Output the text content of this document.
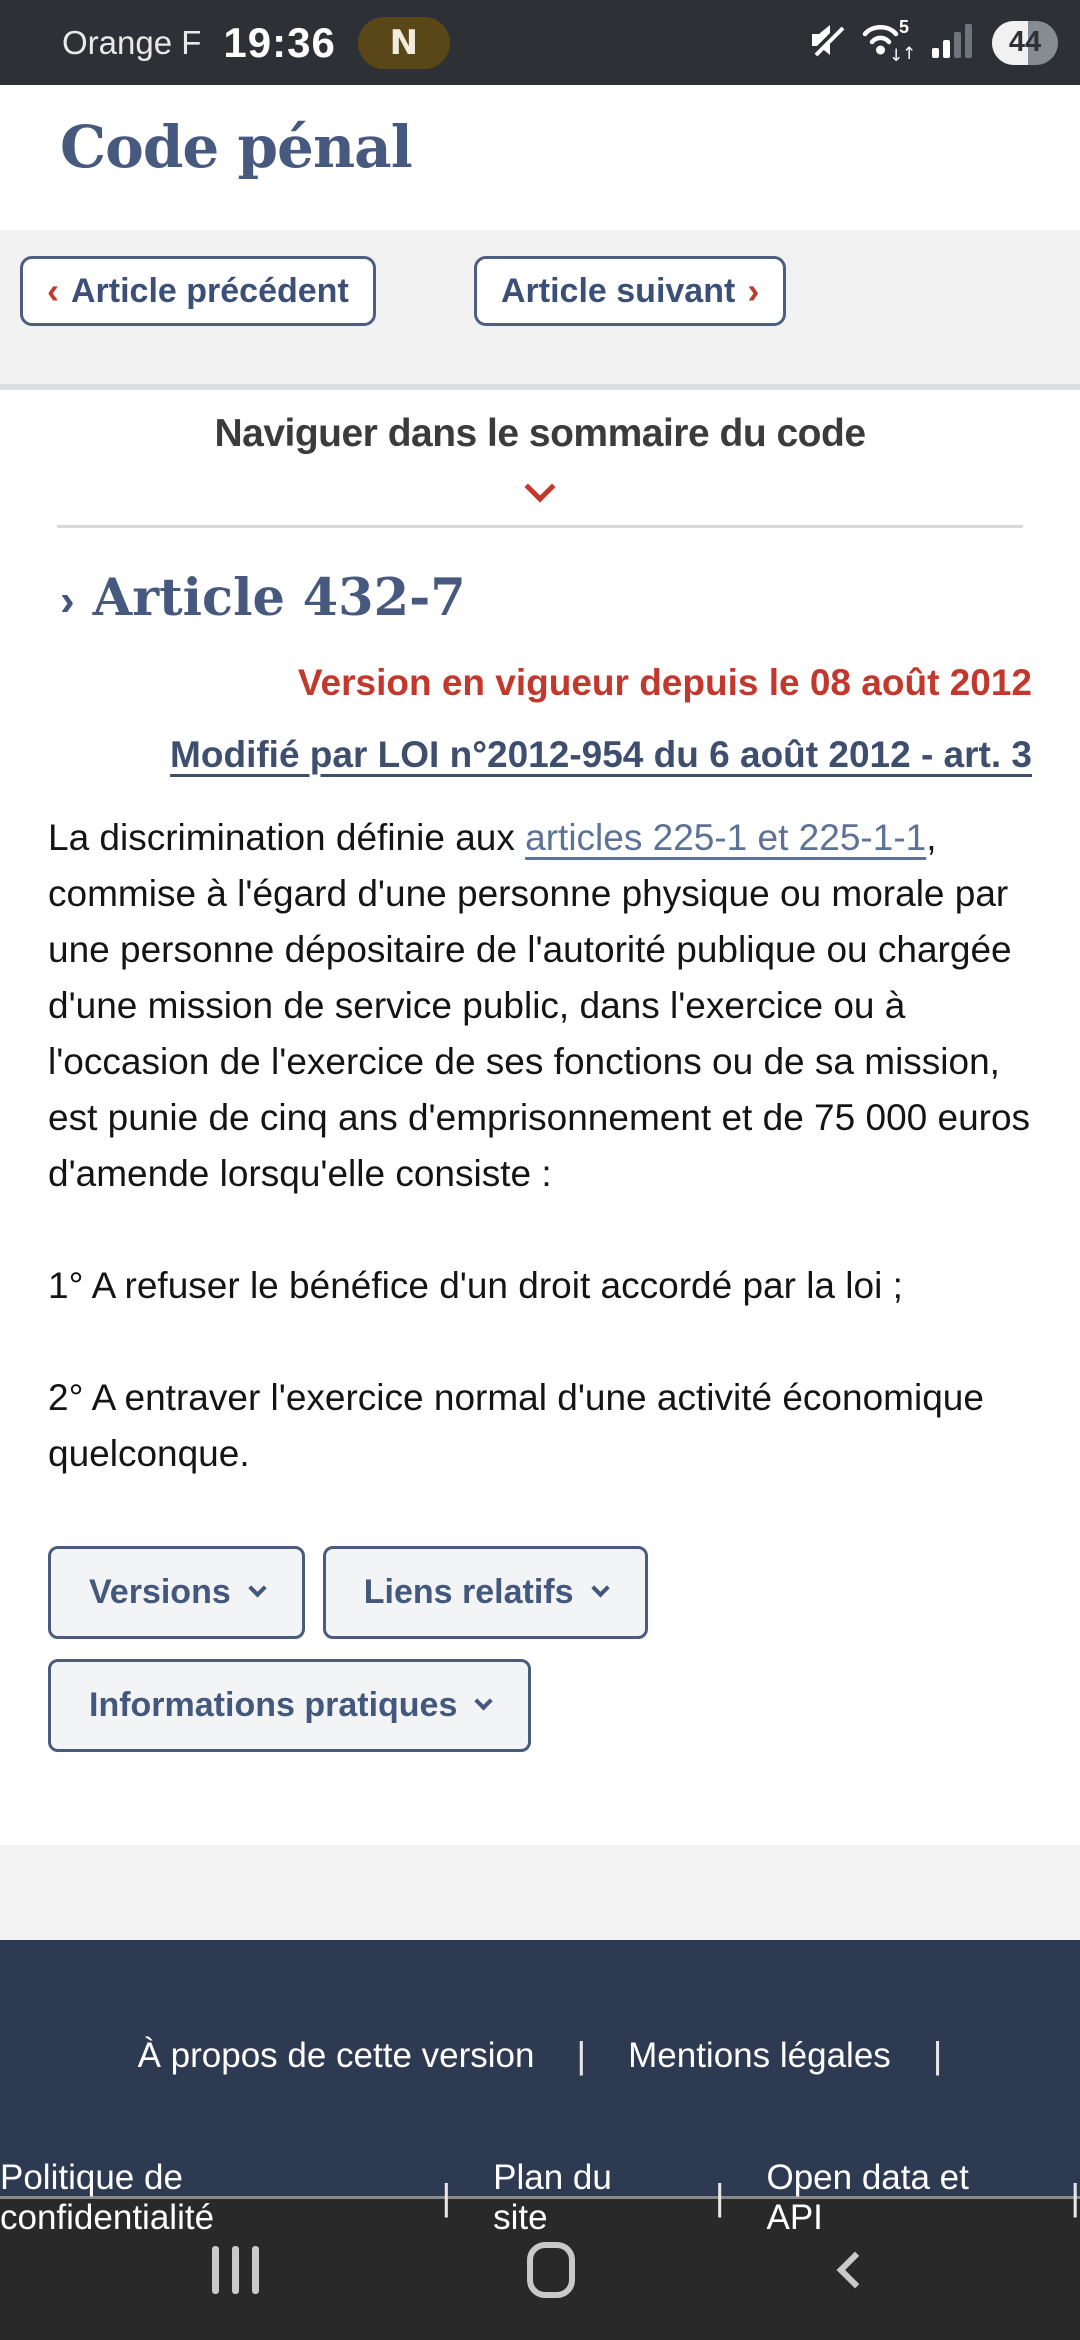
Orange F 19:36 N	5
↓
↑	44
Code pénal
‹ Article précédent	Article suivant ›
Naviguer dans le sommaire du code
› Article 432-7
Version en vigueur depuis le 08 août 2012
Modifié par LOI n°2012-954 du 6 août 2012 - art. 3

La discrimination définie aux articles 225-1 et 225-1-1, commise à l'égard d'une personne physique ou morale par une personne dépositaire de l'autorité publique ou chargée d'une mission de service public, dans l'exercice ou à l'occasion de l'exercice de ses fonctions ou de sa mission, est punie de cinq ans d'emprisonnement et de 75 000 euros d'amende lorsqu'elle consiste :

1° A refuser le bénéfice d'un droit accordé par la loi ;

2° A entraver l'exercice normal d'une activité économique quelconque.

Versions	Liens relatifs
Informations pratiques
À propos de cette version | Mentions légales |
Politique de confidentialité	| Plan du site	| Open data et API	|
